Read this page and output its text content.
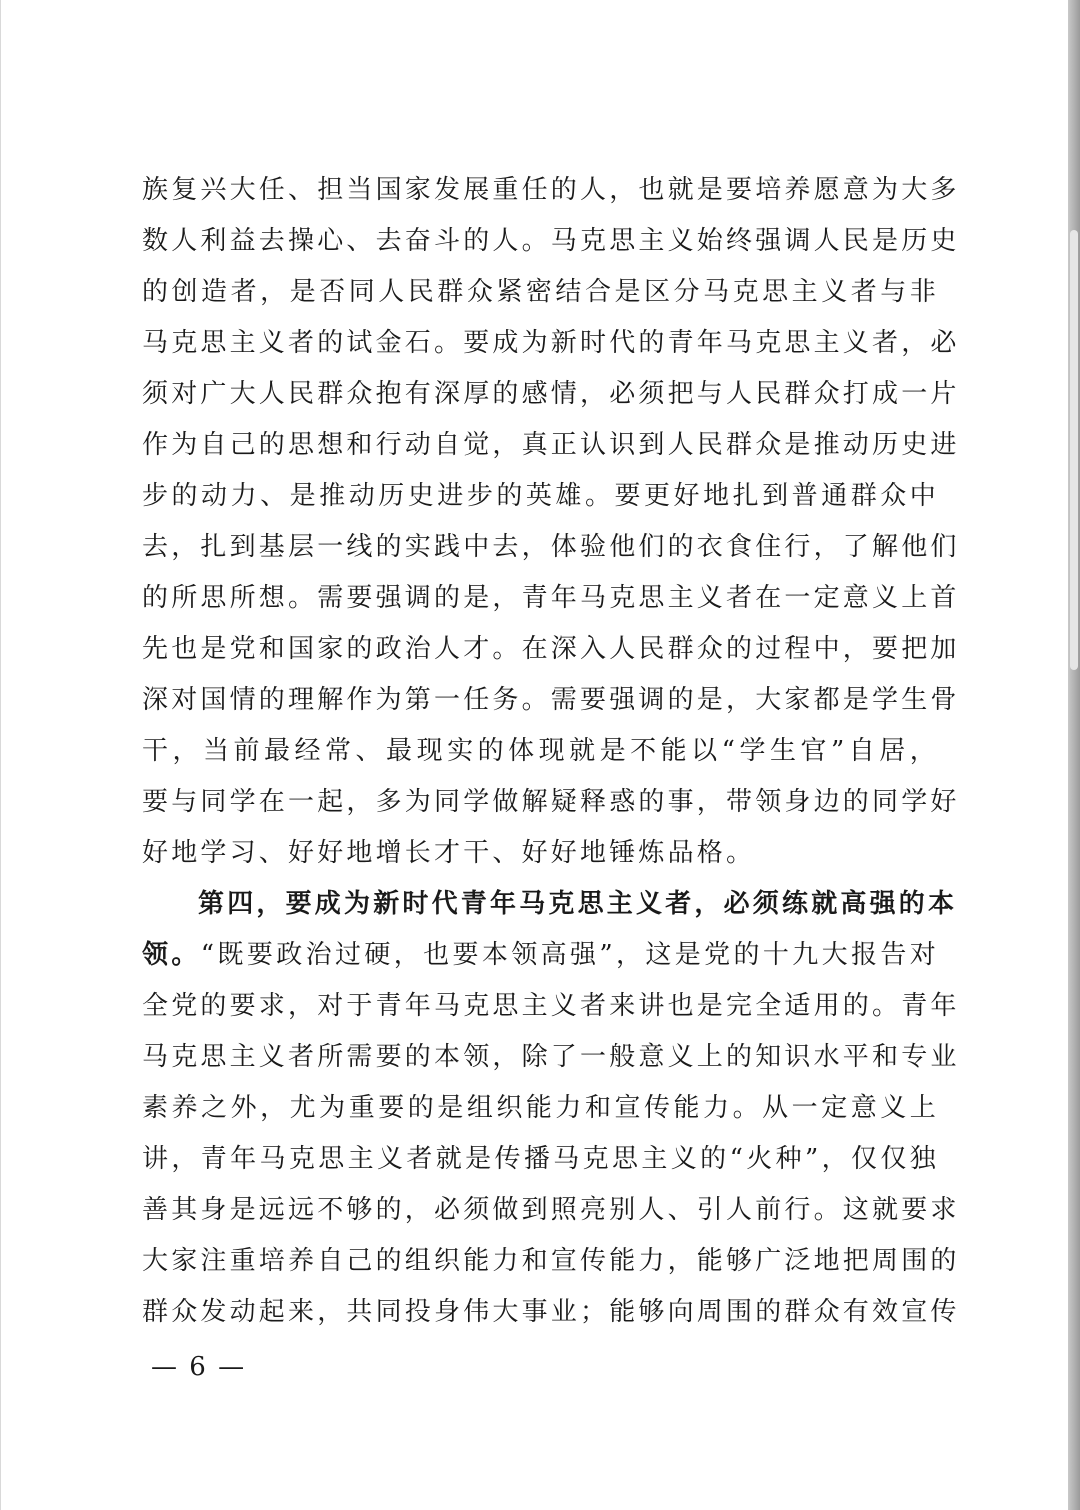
族复兴大任、担当国家发展重任的人，也就是要培养愿意为大多
数人利益去操心、去奋斗的人。马克思主义始终强调人民是历史
的创造者，是否同人民群众紧密结合是区分马克思主义者与非
马克思主义者的试金石。要成为新时代的青年马克思主义者，必
须对广大人民群众抱有深厚的感情，必须把与人民群众打成一片
作为自己的思想和行动自觉，真正认识到人民群众是推动历史进
步的动力、是推动历史进步的英雄。要更好地扎到普通群众中
去，扎到基层一线的实践中去，体验他们的衣食住行，了解他们
的所思所想。需要强调的是，青年马克思主义者在一定意义上首
先也是党和国家的政治人才。在深入人民群众的过程中，要把加
深对国情的理解作为第一任务。需要强调的是，大家都是学生骨
干，当前最经常、最现实的体现就是不能以“学生官”自居，
要与同学在一起，多为同学做解疑释惑的事，带领身边的同学好
好地学习、好好地增长才干、好好地锤炼品格。
第四，要成为新时代青年马克思主义者，必须练就高强的本
领。“既要政治过硬，也要本领高强”，这是党的十九大报告对
全党的要求，对于青年马克思主义者来讲也是完全适用的。青年
马克思主义者所需要的本领，除了一般意义上的知识水平和专业
素养之外，尤为重要的是组织能力和宣传能力。从一定意义上
讲，青年马克思主义者就是传播马克思主义的“火种”，仅仅独
善其身是远远不够的，必须做到照亮别人、引人前行。这就要求
大家注重培养自己的组织能力和宣传能力，能够广泛地把周围的
群众发动起来，共同投身伟大事业；能够向周围的群众有效宣传
— 6 —
